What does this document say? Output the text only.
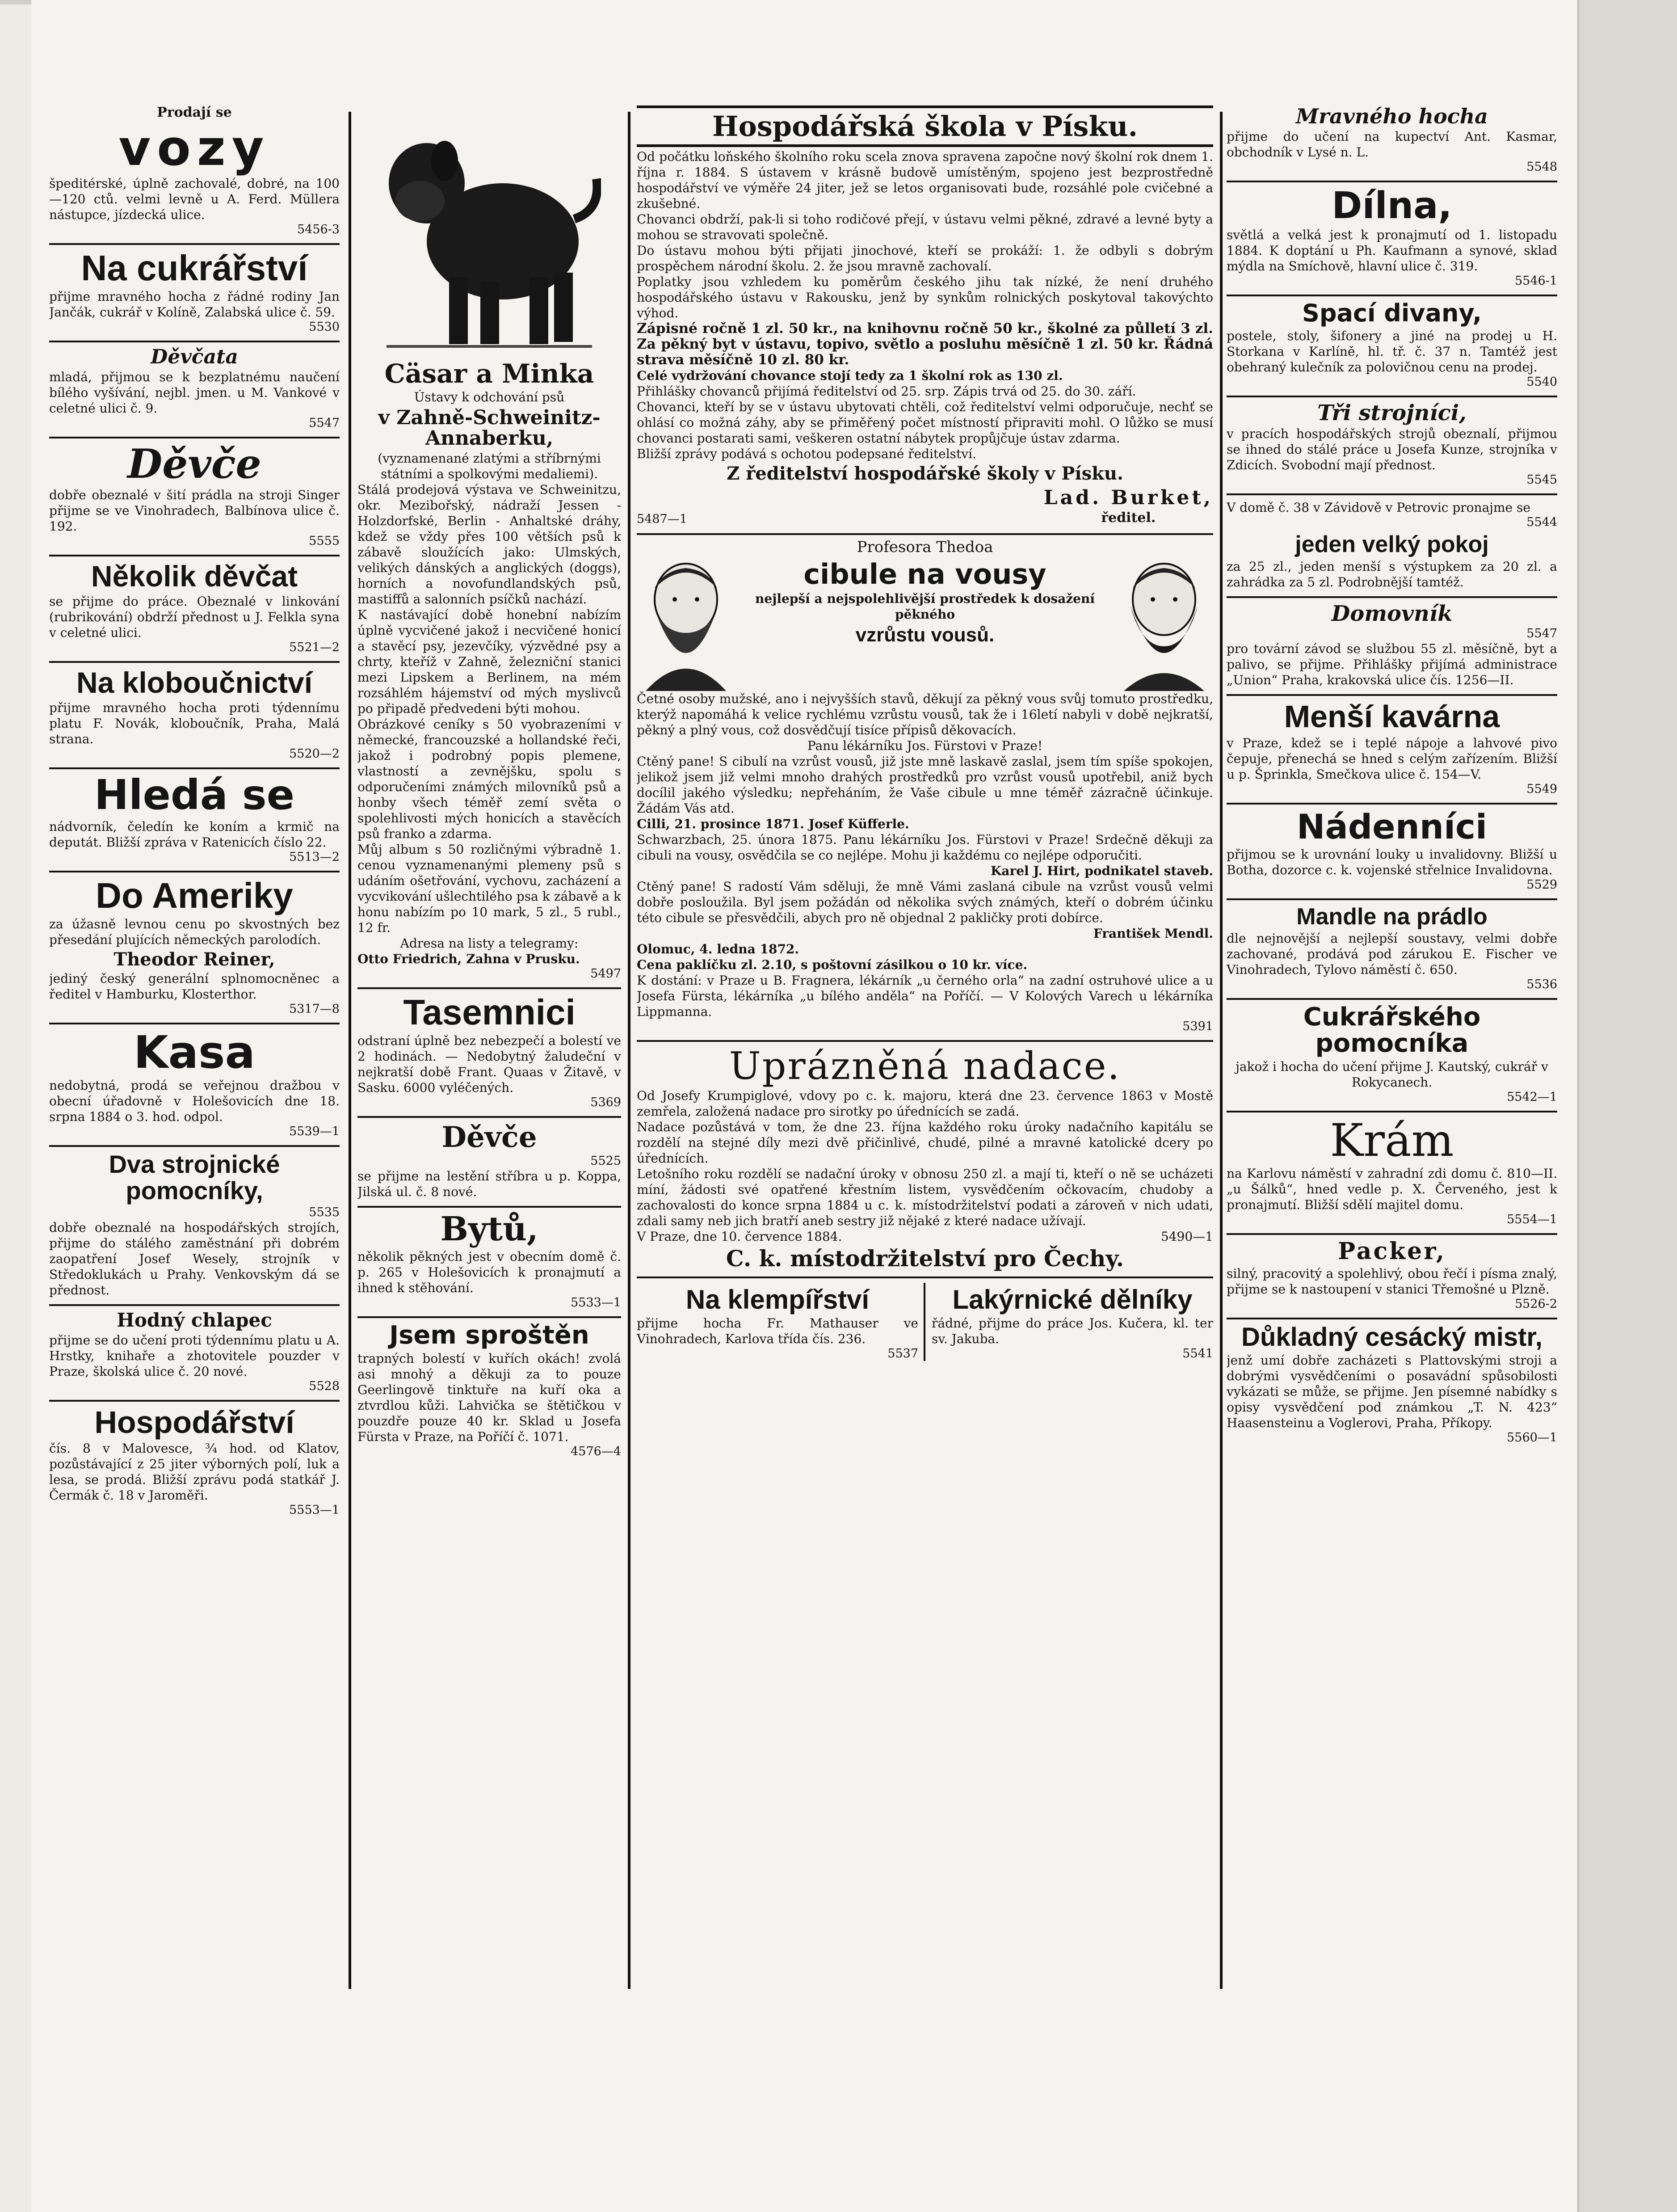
Prodají se
vozy

špeditérské, úplně zachovalé, dobré, na 100—120 ctů. velmi levně u A. Ferd. Müllera nástupce, jízdecká ulice.

5456-3
Na cukrářství

přijme mravného hocha z řádné rodiny Jan Jančák, cukrář v Kolíně, Zalabská ulice č. 59.

5530
Děvčata

mladá, přijmou se k bezplatnému naučení bílého vyšívání, nejbl. jmen. u M. Vankové v celetné ulici č. 9.

5547
Děvče

dobře obeznalé v šití prádla na stroji Singer přijme se ve Vinohradech, Balbínova ulice č. 192.

5555
Několik děvčat

se přijme do práce. Obeznalé v linkování (rubrikování) obdrží přednost u J. Felkla syna v celetné ulici.

5521—2
Na kloboučnictví

přijme mravného hocha proti týdennímu platu F. Novák, kloboučník, Praha, Malá strana.

5520—2
Hledá se

nádvorník, čeledín ke koním a krmič na deputát. Bližší zpráva v Ratenicích číslo 22.

5513—2
Do Ameriky

za úžasně levnou cenu po skvostných bez přesedání plujících německých parolodích.

Theodor Reiner,

jediný český generální splnomocněnec a ředitel v Hamburku, Klosterthor.

5317—8
Kasa

nedobytná, prodá se veřejnou dražbou v obecní úřadovně v Holešovicích dne 18. srpna 1884 o 3. hod. odpol.

5539—1
Dva strojnické pomocníky,
5535

dobře obeznalé na hospodářských strojích, přijme do stálého zaměstnání při dobrém zaopatření Josef Wesely, strojník v Středoklukách u Prahy. Venkovským dá se přednost.

Hodný chlapec

přijme se do učení proti týdennímu platu u A. Hrstky, knihaře a zhotovitele pouzder v Praze, školská ulice č. 20 nové.

5528
Hospodářství

čís. 8 v Malovesce, ¾ hod. od Klatov, pozůstávající z 25 jiter výborných polí, luk a lesa, se prodá. Bližší zprávu podá statkář J. Čermák č. 18 v Jaroměři.

5553—1
Cäsar a Minka

Ústavy k odchování psů

v Zahně-Schweinitz-Annaberku,

(vyznamenané zlatými a stříbrnými státními a spolkovými medaliemi).

Stálá prodejová výstava ve Schweinitzu, okr. Mezibořský, nádraží Jessen - Holzdorfské, Berlin - Anhaltské dráhy, kdež se vždy přes 100 větších psů k zábavě sloužících jako: Ulmských, velikých dánských a anglických (doggs), horních a novofundlandských psů, mastiffů a salonních psíčků nachází.

K nastávající době honební nabízím úplně vycvičené jakož i necvičené honicí a stavěcí psy, jezevčíky, výzvědné psy a chrty, kteříž v Zahně, železniční stanici mezi Lipskem a Berlinem, na mém rozsáhlém hájemství od mých myslivců po připadě předvedeni býti mohou.

Obrázkové ceníky s 50 vyobrazeními v německé, francouzské a hollandské řeči, jakož i podrobný popis plemene, vlastností a zevnějšku, spolu s odporučeními známých milovníků psů a honby všech téměř zemí světa o spolehlivosti mých honicích a stavěcích psů franko a zdarma.

Můj album s 50 rozličnými výbradně 1. cenou vyznamenanými plemeny psů s udáním ošetřování, vychovu, zacházení a vycvikování ušlechtilého psa k zábavě a k honu nabízím po 10 mark, 5 zl., 5 rubl., 12 fr.

Adresa na listy a telegramy:

Otto Friedrich, Zahna v Prusku.

5497
Tasemnici

odstraní úplně bez nebezpečí a bolestí ve 2 hodinách. — Nedobytný žaludeční v nejkratší době Frant. Quaas v Žitavě, v Sasku. 6000 vyléčených.

5369
Děvče
5525

se přijme na lestění stříbra u p. Koppa, Jilská ul. č. 8 nové.

Bytů,

několik pěkných jest v obecním domě č. p. 265 v Holešovicích k pronajmutí a ihned k stěhování.

5533—1
Jsem sproštěn

trapných bolestí v kuřích okách! zvolá asi mnohý a děkuji za to pouze Geerlingově tinktuře na kuří oka a ztvrdlou kůži. Lahvička se štětičkou v pouzdře pouze 40 kr. Sklad u Josefa Fürsta v Praze, na Poříčí č. 1071.

4576—4
Hospodářská škola v Písku.

Od počátku loňského školního roku scela znova spravena započne nový školní rok dnem 1. října r. 1884. S ústavem v krásně budově umístěným, spojeno jest bezprostředně hospodářství ve výměře 24 jiter, jež se letos organisovati bude, rozsáhlé pole cvičebné a zkušebné.

Chovanci obdrží, pak-li si toho rodičové přejí, v ústavu velmi pěkné, zdravé a levné byty a mohou se stravovati společně.

Do ústavu mohou býti přijati jinochové, kteří se prokáží: 1. že odbyli s dobrým prospěchem národní školu. 2. že jsou mravně zachovalí.

Poplatky jsou vzhledem ku poměrům českého jihu tak nízké, že není druhého hospodářského ústavu v Rakousku, jenž by synkům rolnických poskytoval takovýchto výhod.

Zápisné ročně 1 zl. 50 kr., na knihovnu ročně 50 kr., školné za půlletí 3 zl. Za pěkný byt v ústavu, topivo, světlo a posluhu měsíčně 1 zl. 50 kr. Řádná strava měsíčně 10 zl. 80 kr.

Celé vydržování chovance stojí tedy za 1 školní rok as 130 zl.

Přihlášky chovanců přijímá ředitelství od 25. srp. Zápis trvá od 25. do 30. září.

Chovanci, kteří by se v ústavu ubytovati chtěli, což ředitelství velmi odporučuje, nechť se ohlásí co možná záhy, aby se přiměřený počet místností připraviti mohl. O lůžko se musí chovanci postarati sami, veškeren ostatní nábytek propůjčuje ústav zdarma.

Bližší zprávy podává s ochotou podepsané ředitelství.

Z ředitelství hospodářské školy v Písku.
5487—1
Lad. Burket,
ředitel.
Profesora Thedoa
cibule na vousy

nejlepší a nejspolehlivější prostředek k dosažení pěkného

vzrůstu vousů.

Četné osoby mužské, ano i nejvyšších stavů, děkují za pěkný vous svůj tomuto prostředku, kterýž napomáhá k velice rychlému vzrůstu vousů, tak že i 16letí nabyli v době nejkratší, pěkný a plný vous, což dosvědčují tisíce přípisů děkovacích.

Panu lékárníku Jos. Fürstovi v Praze!

Ctěný pane! S cibulí na vzrůst vousů, již jste mně laskavě zaslal, jsem tím spíše spokojen, jelikož jsem již velmi mnoho drahých prostředků pro vzrůst vousů upotřebil, aniž bych docílil jakého výsledku; nepřeháním, že Vaše cibule u mne téměř zázračně účinkuje. Žádám Vás atd.

Cilli, 21. prosince 1871. Josef Küfferle.

Schwarzbach, 25. února 1875. Panu lékárníku Jos. Fürstovi v Praze! Srdečně děkuji za cibuli na vousy, osvědčila se co nejlépe. Mohu ji každému co nejlépe odporučiti.

Karel J. Hirt, podnikatel staveb.

Ctěný pane! S radostí Vám sděluji, že mně Vámi zaslaná cibule na vzrůst vousů velmi dobře posloužila. Byl jsem požádán od několika svých známých, kteří o dobrém účinku této cibule se přesvědčili, abych pro ně objednal 2 pakličky proti dobírce.

František Mendl.

Olomuc, 4. ledna 1872.

Cena paklíčku zl. 2.10, s poštovní zásilkou o 10 kr. více.

K dostání: v Praze u B. Fragnera, lékárník „u černého orla“ na zadní ostruhové ulice a u Josefa Fürsta, lékárníka „u bílého anděla“ na Poříčí. — V Kolových Varech u lékárníka Lippmanna.

5391
Uprázněná nadace.

Od Josefy Krumpiglové, vdovy po c. k. majoru, která dne 23. července 1863 v Mostě zemřela, založená nadace pro sirotky po úřednících se zadá.

Nadace pozůstává v tom, že dne 23. října každého roku úroky nadačního kapitálu se rozdělí na stejné díly mezi dvě přičinlivé, chudé, pilné a mravné katolické dcery po úřednících.

Letošního roku rozdělí se nadační úroky v obnosu 250 zl. a mají ti, kteří o ně se ucházeti míní, žádosti své opatřené křestním listem, vysvědčením očkovacím, chudoby a zachovalosti do konce srpna 1884 u c. k. místodržitelství podati a zároveň v nich udati, zdali samy neb jich bratří aneb sestry již nějaké z které nadace užívají.

V Praze, dne 10. července 1884.	5490—1
C. k. místodržitelství pro Čechy.
Na klempířství

přijme hocha Fr. Mathauser ve Vinohradech, Karlova třída čís. 236.

5537
Lakýrnické dělníky

řádné, přijme do práce Jos. Kučera, kl. ter sv. Jakuba.

5541
Mravného hocha

přijme do učení na kupectví Ant. Kasmar, obchodník v Lysé n. L.

5548
Dílna,

světlá a velká jest k pronajmutí od 1. listopadu 1884. K doptání u Ph. Kaufmann a synové, sklad mýdla na Smíchově, hlavní ulice č. 319.

5546-1
Spací divany,

postele, stoly, šifonery a jiné na prodej u H. Storkana v Karlíně, hl. tř. č. 37 n. Tamtéž jest obehraný kulečník za polovičnou cenu na prodej.

5540
Tři strojníci,

v pracích hospodářských strojů obeznalí, přijmou se ihned do stálé práce u Josefa Kunze, strojníka v Zdicích. Svobodní mají přednost.

5545

V domě č. 38 v Závidově v Petrovic pronajme se

5544
jeden velký pokoj

za 25 zl., jeden menší s výstupkem za 20 zl. a zahrádka za 5 zl. Podrobnější tamtéž.

Domovník
5547

pro tovární závod se službou 55 zl. měsíčně, byt a palivo, se přijme. Přihlášky přijímá administrace „Union“ Praha, krakovská ulice čís. 1256—II.

Menší kavárna

v Praze, kdež se i teplé nápoje a lahvové pivo čepuje, přenechá se hned s celým zařízením. Bližší u p. Šprinkla, Smečkova ulice č. 154—V.

5549
Nádenníci

přijmou se k urovnání louky u invalidovny. Bližší u Botha, dozorce c. k. vojenské střelnice Invalidovna.

5529
Mandle na prádlo

dle nejnovější a nejlepší soustavy, velmi dobře zachované, prodává pod zárukou E. Fischer ve Vinohradech, Tylovo náměstí č. 650.

5536
Cukrářského pomocníka

jakož i hocha do učení přijme J. Kautský, cukrář v Rokycanech.

5542—1
Krám

na Karlovu náměstí v zahradní zdi domu č. 810—II. „u Šálků“, hned vedle p. X. Červeného, jest k pronajmutí. Bližší sdělí majitel domu.

5554—1
Packer,

silný, pracovitý a spolehlivý, obou řečí i písma znalý, přijme se k nastoupení v stanici Třemošné u Plzně.

5526-2
Důkladný cesácký mistr,

jenž umí dobře zacházeti s Plattovskými stroji a dobrými vysvědčeními o posavádní spůsobilosti vykázati se může, se přijme. Jen písemné nabídky s opisy vysvědčení pod známkou „T. N. 423“ Haasensteinu a Voglerovi, Praha, Příkopy.

5560—1
